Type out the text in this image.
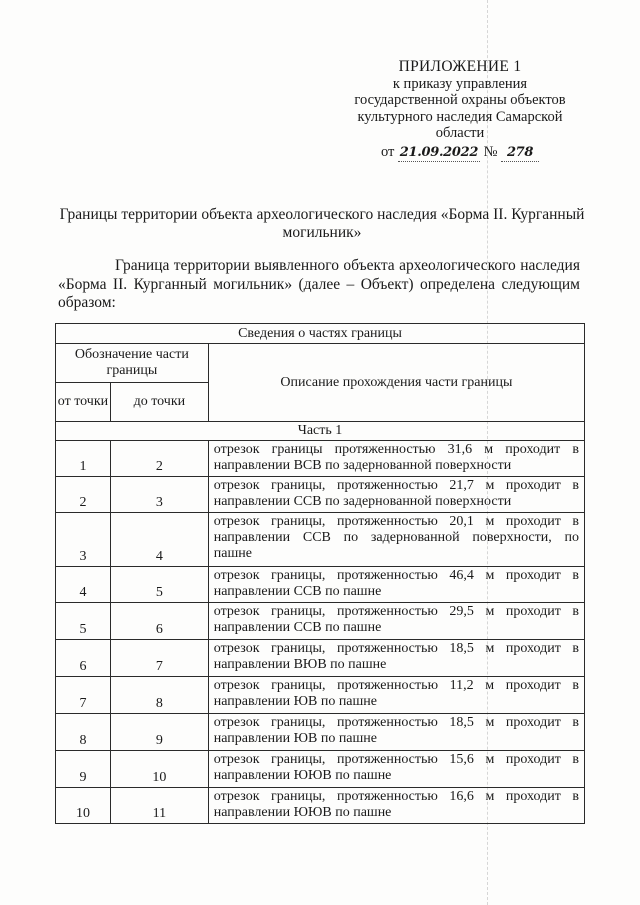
ПРИЛОЖЕНИЕ 1
к приказу управления
государственной охраны объектов
культурного наследия Самарской
области
от 21.09.2022 № 278
Границы территории объекта археологического наследия «Борма II. Курганный могильник»
Граница территории выявленного объекта археологического наследия «Борма II. Курганный могильник» (далее – Объект) определена следующим образом:
Сведения о частях границы		
Обозначение части границы		Описание прохождения части границы
от точки	до точки	
Часть 1		
1	2	отрезок границы протяженностью 31,6 м проходит в
направлении ВСВ по задернованной поверхности
2	3	отрезок границы, протяженностью 21,7 м проходит в
направлении ССВ по задернованной поверхности
3	4	отрезок границы, протяженностью 20,1 м проходит в
направлении ССВ по задернованной поверхности, по
пашне
4	5	отрезок границы, протяженностью 46,4 м проходит в
направлении ССВ по пашне
5	6	отрезок границы, протяженностью 29,5 м проходит в
направлении ССВ по пашне
6	7	отрезок границы, протяженностью 18,5 м проходит в
направлении ВЮВ по пашне
7	8	отрезок границы, протяженностью 11,2 м проходит в
направлении ЮВ по пашне
8	9	отрезок границы, протяженностью 18,5 м проходит в
направлении ЮВ по пашне
9	10	отрезок границы, протяженностью 15,6 м проходит в
направлении ЮЮВ по пашне
10	11	отрезок границы, протяженностью 16,6 м проходит в
направлении ЮЮВ по пашне
